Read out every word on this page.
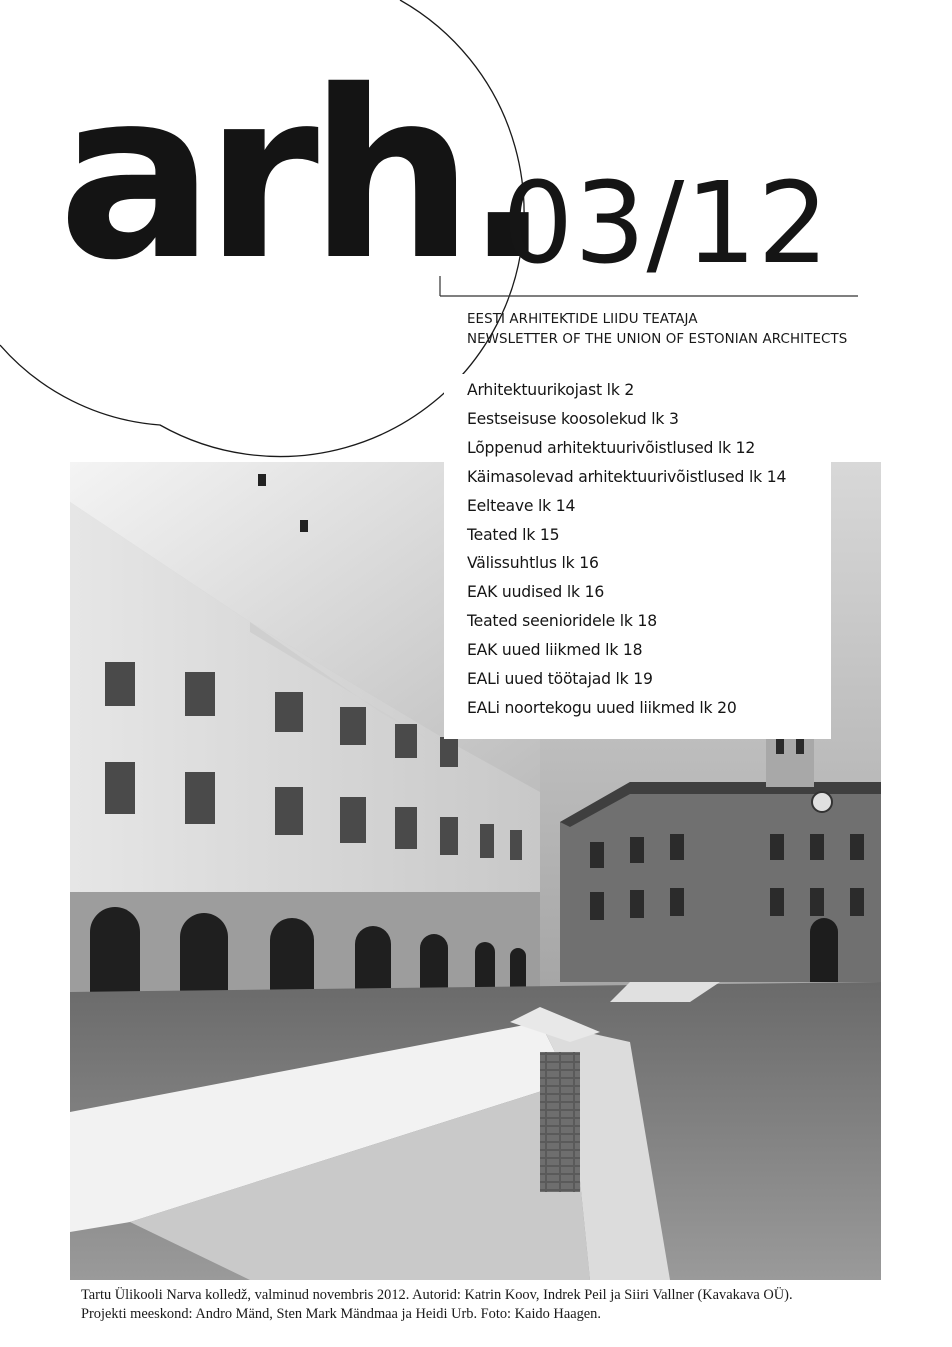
arh.
03/12
EESTI ARHITEKTIDE LIIDU TEATAJA
NEWSLETTER OF THE UNION OF ESTONIAN ARCHITECTS
Arhitektuurikojast lk 2
Eestseisuse koosolekud lk 3
Lõppenud arhitektuurivõistlused lk 12
Käimasolevad arhitektuurivõistlused lk 14
Eelteave lk 14
Teated lk 15
Välissuhtlus lk 16
EAK uudised lk 16
Teated seenioridele lk 18
EAK uued liikmed lk 18
EALi uued töötajad lk 19
EALi noortekogu uued liikmed lk 20
Tartu Ülikooli Narva kolledž, valminud novembris 2012. Autorid: Katrin Koov, Indrek Peil ja Siiri Vallner (Kavakava OÜ).
Projekti meeskond: Andro Mänd, Sten Mark Mändmaa ja Heidi Urb. Foto: Kaido Haagen.
